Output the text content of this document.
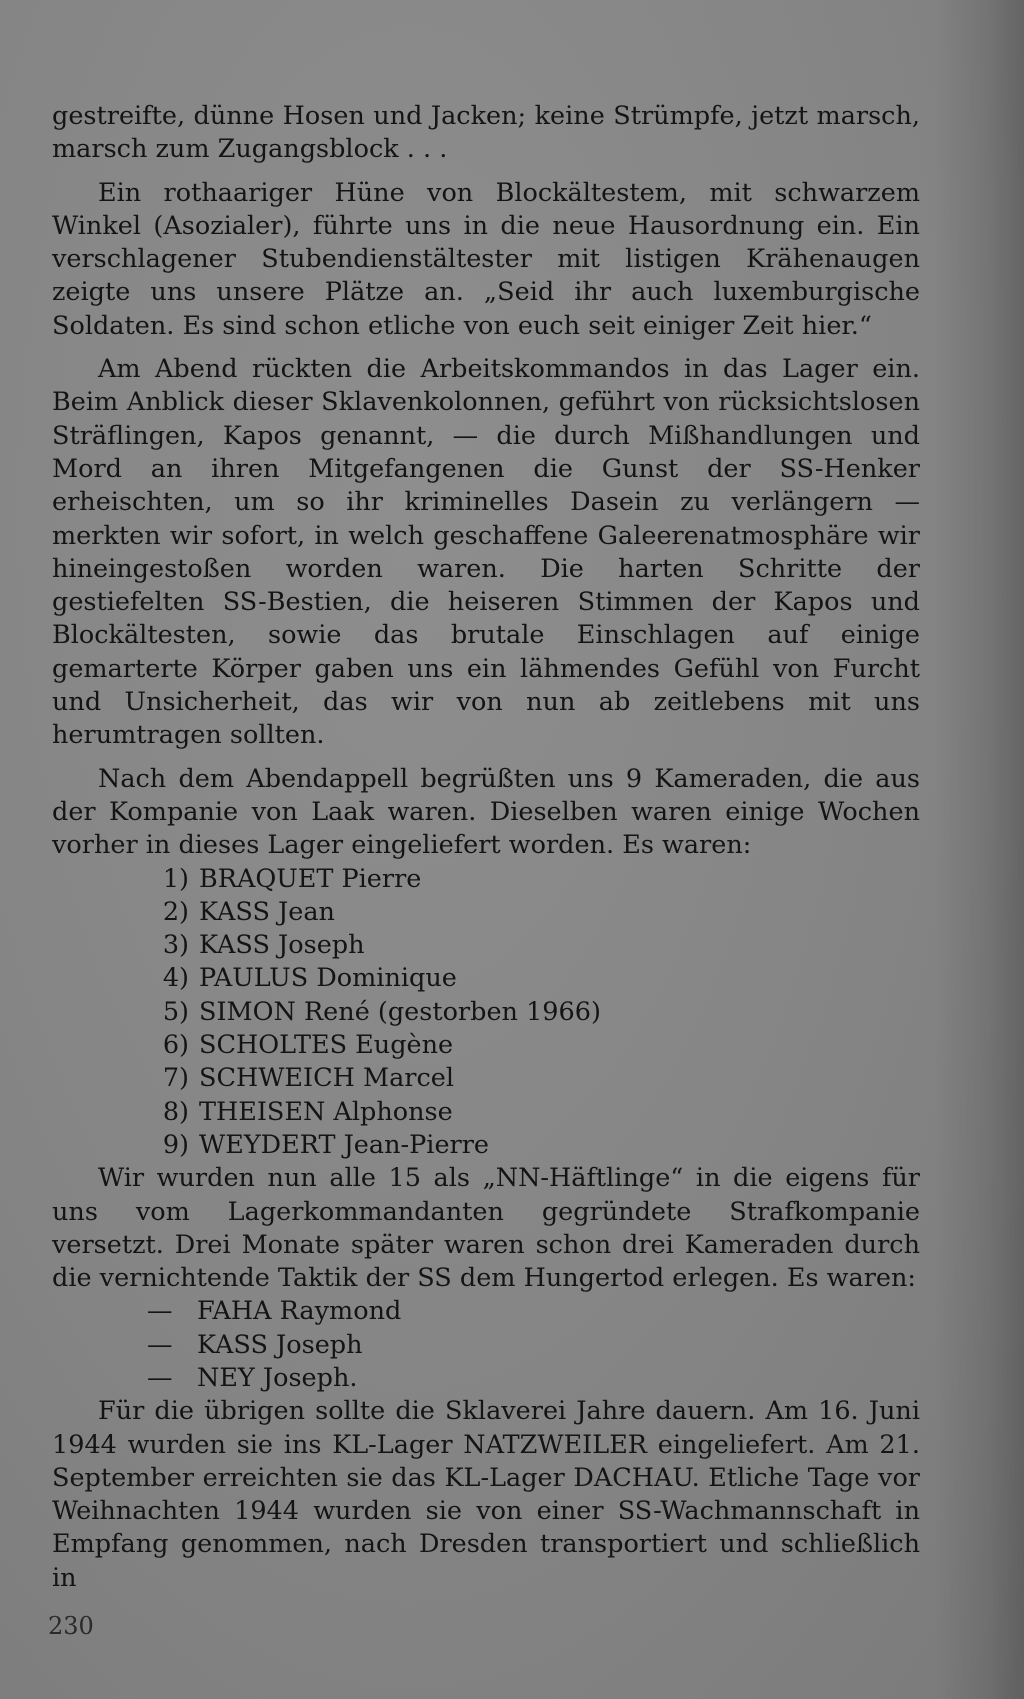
gestreifte, dünne Hosen und Jacken; keine Strümpfe, jetzt marsch, marsch zum Zugangsblock . . .

Ein rothaariger Hüne von Blockältestem, mit schwarzem Winkel (Asozialer), führte uns in die neue Hausordnung ein. Ein verschlagener Stubendienstältester mit listigen Krähenaugen zeigte uns unsere Plätze an. „Seid ihr auch luxemburgische Soldaten. Es sind schon etliche von euch seit einiger Zeit hier.“

Am Abend rückten die Arbeitskommandos in das Lager ein. Beim Anblick dieser Sklavenkolonnen, geführt von rücksichtslosen Sträflingen, Kapos genannt, — die durch Mißhandlungen und Mord an ihren Mitgefangenen die Gunst der SS-Henker erheischten, um so ihr kriminelles Dasein zu verlängern — merkten wir sofort, in welch geschaffene Galeerenatmosphäre wir hineingestoßen worden waren. Die harten Schritte der gestiefelten SS-Bestien, die heiseren Stimmen der Kapos und Blockältesten, sowie das brutale Einschlagen auf einige gemarterte Körper gaben uns ein lähmendes Gefühl von Furcht und Unsicherheit, das wir von nun ab zeitlebens mit uns herumtragen sollten.

Nach dem Abendappell begrüßten uns 9 Kameraden, die aus der Kompanie von Laak waren. Dieselben waren einige Wochen vorher in dieses Lager eingeliefert worden. Es waren:

1) BRAQUET Pierre
2) KASS Jean
3) KASS Joseph
4) PAULUS Dominique
5) SIMON René (gestorben 1966)
6) SCHOLTES Eugène
7) SCHWEICH Marcel
8) THEISEN Alphonse
9) WEYDERT Jean-Pierre

Wir wurden nun alle 15 als „NN-Häftlinge“ in die eigens für uns vom Lagerkommandanten gegründete Strafkompanie versetzt. Drei Monate später waren schon drei Kameraden durch die vernichtende Taktik der SS dem Hungertod erlegen. Es waren:

— FAHA Raymond
— KASS Joseph
— NEY Joseph.

Für die übrigen sollte die Sklaverei Jahre dauern. Am 16. Juni 1944 wurden sie ins KL-Lager NATZWEILER eingeliefert. Am 21. September erreichten sie das KL-Lager DACHAU. Etliche Tage vor Weihnachten 1944 wurden sie von einer SS-Wachmannschaft in Empfang genommen, nach Dresden transportiert und schließlich in

230
